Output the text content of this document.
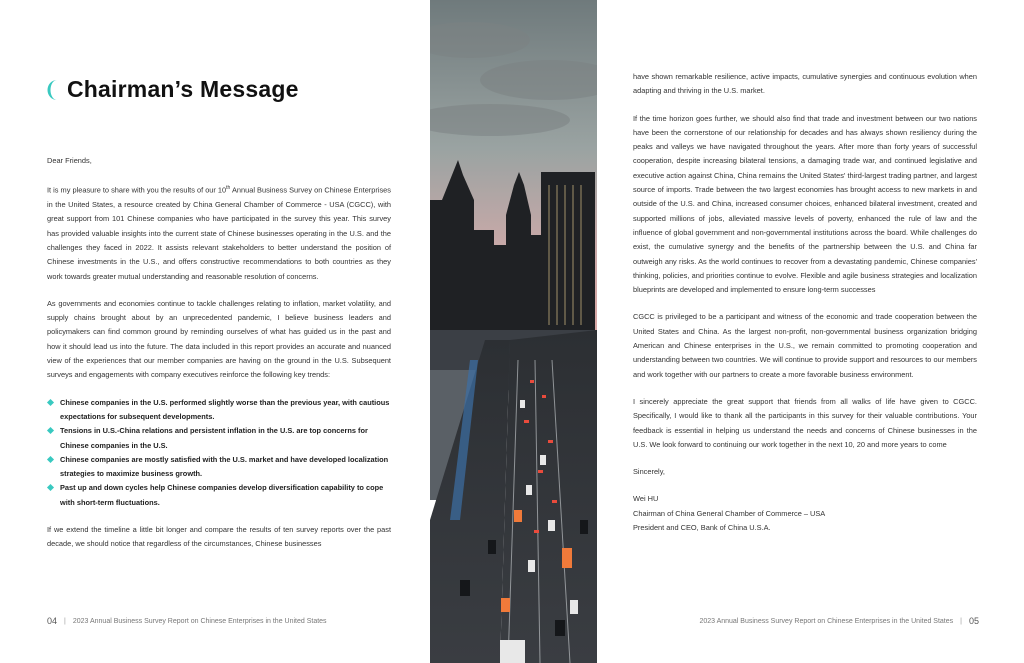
Chairman’s Message

Dear Friends,

It is my pleasure to share with you the results of our 10th Annual Business Survey on Chinese Enterprises in the United States, a resource created by China General Chamber of Commerce - USA (CGCC), with great support from 101 Chinese companies who have participated in the survey this year. This survey has provided valuable insights into the current state of Chinese businesses operating in the U.S. and the challenges they faced in 2022. It assists relevant stakeholders to better understand the position of Chinese investments in the U.S., and offers constructive recommendations to both countries as they work towards greater mutual understanding and reasonable resolution of concerns.

As governments and economies continue to tackle challenges relating to inflation, market volatility, and supply chains brought about by an unprecedented pandemic, I believe business leaders and policymakers can find common ground by reminding ourselves of what has guided us in the past and how it should lead us into the future. The data included in this report provides an accurate and nuanced view of the experiences that our member companies are having on the ground in the U.S. Subsequent surveys and engagements with company executives reinforce the following key trends:

Chinese companies in the U.S. performed slightly worse than the previous year, with cautious expectations for subsequent developments.
Tensions in U.S.-China relations and persistent inflation in the U.S. are top concerns for Chinese companies in the U.S.
Chinese companies are mostly satisfied with the U.S. market and have developed localization strategies to maximize business growth.
Past up and down cycles help Chinese companies develop diversification capability to cope with short-term fluctuations.

If we extend the timeline a little bit longer and compare the results of ten survey reports over the past decade, we should notice that regardless of the circumstances, Chinese businesses

04 | 2023 Annual Business Survey Report on Chinese Enterprises in the United States

have shown remarkable resilience, active impacts, cumulative synergies and continuous evolution when adapting and thriving in the U.S. market.

If the time horizon goes further, we should also find that trade and investment between our two nations have been the cornerstone of our relationship for decades and has always shown resiliency during the peaks and valleys we have navigated throughout the years. After more than forty years of successful cooperation, despite increasing bilateral tensions, a damaging trade war, and continued legislative and executive action against China, China remains the United States' third-largest trading partner, and largest source of imports. Trade between the two largest economies has brought access to new markets in and outside of the U.S. and China, increased consumer choices, enhanced bilateral investment, created and supported millions of jobs, alleviated massive levels of poverty, enhanced the rule of law and the influence of global government and non-governmental institutions across the board. While challenges do exist, the cumulative synergy and the benefits of the partnership between the U.S. and China far outweigh any risks. As the world continues to recover from a devastating pandemic, Chinese companies' thinking, policies, and priorities continue to evolve. Flexible and agile business strategies and localization blueprints are developed and implemented to ensure long-term successes

CGCC is privileged to be a participant and witness of the economic and trade cooperation between the United States and China. As the largest non-profit, non-governmental business organization bridging American and Chinese enterprises in the U.S., we remain committed to promoting cooperation and understanding between two countries. We will continue to provide support and resources to our members and work together with our partners to create a more favorable business environment.

I sincerely appreciate the great support that friends from all walks of life have given to CGCC. Specifically, I would like to thank all the participants in this survey for their valuable contributions. Your feedback is essential in helping us understand the needs and concerns of Chinese businesses in the U.S. We look forward to continuing our work together in the next 10, 20 and more years to come

Sincerely,

Wei HU

Chairman of China General Chamber of Commerce – USA

President and CEO, Bank of China U.S.A.

2023 Annual Business Survey Report on Chinese Enterprises in the United States | 05
